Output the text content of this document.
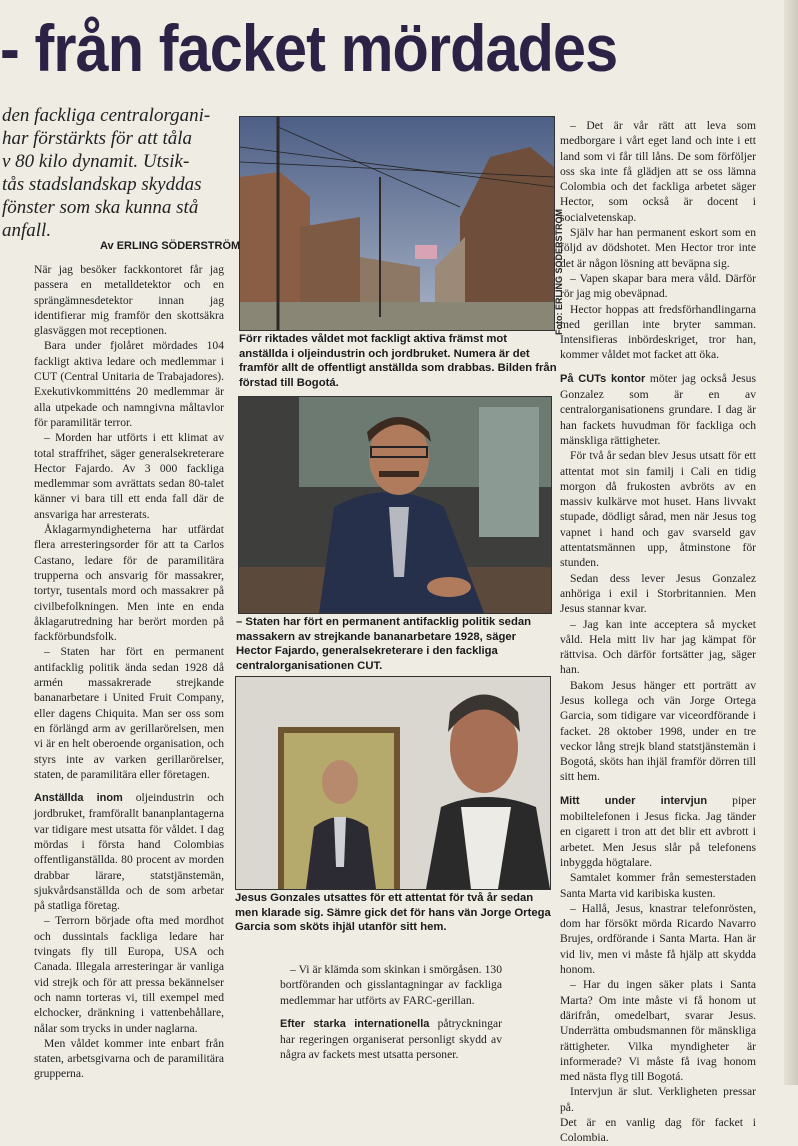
- från facket mördades

den fackliga centralorgani-

har förstärkts för att tåla

v 80 kilo dynamit. Utsik-

tås stadslandskap skyddas

fönster som ska kunna stå

anfall.

Av ERLING SÖDERSTRÖM

När jag besöker fackkontoret får jag passera en metalldetektor och en sprängämnesdetektor innan jag identifierar mig framför den skottsäkra glasväggen mot receptionen.

Bara under fjolåret mördades 104 fackligt aktiva ledare och medlemmar i CUT (Central Unitaria de Trabajadores). Exekutivkommitténs 20 medlemmar är alla utpekade och namngivna måltavlor för paramilitär terror.

– Morden har utförts i ett klimat av total straffrihet, säger generalsekreterare Hector Fajardo. Av 3 000 fackliga medlemmar som avrättats sedan 80-talet känner vi bara till ett enda fall där de ansvariga har arresterats.

Åklagarmyndigheterna har utfärdat flera arresteringsorder för att ta Carlos Castano, ledare för de paramilitära trupperna och ansvarig för massakrer, tortyr, tusentals mord och massakrer på civilbefolkningen. Men inte en enda åklagarutredning har berört morden på fackförbundsfolk.

– Staten har fört en permanent antifacklig politik ända sedan 1928 då armén massakrerade strejkande bananarbetare i United Fruit Company, eller dagens Chiquita. Man ser oss som en förlängd arm av gerillarörelsen, men vi är en helt oberoende organisation, och styrs inte av varken gerillarörelser, staten, de paramilitära eller företagen.

Anställda inom oljeindustrin och jordbruket, framförallt bananplantagerna var tidigare mest utsatta för våldet. I dag mördas i första hand Colombias offentliganställda. 80 procent av morden drabbar lärare, statstjänstemän, sjukvårdsanställda och de som arbetar på statliga företag.

– Terrorn började ofta med mordhot och dussintals fackliga ledare har tvingats fly till Europa, USA och Canada. Illegala arresteringar är vanliga vid strejk och för att pressa bekännelser och namn torteras vi, till exempel med elchocker, dränkning i vattenbehållare, nålar som trycks in under naglarna.

Men våldet kommer inte enbart från staten, arbetsgivarna och de paramilitära grupperna.

Foto: ERLING SÖDERSTRÖM
Förr riktades våldet mot fackligt aktiva främst mot anställda i oljeindustrin och jordbruket. Numera är det framför allt de offentligt anställda som drabbas. Bilden från förstad till Bogotá.
– Staten har fört en permanent antifacklig politik sedan massakern av strejkande bananarbetare 1928, säger Hector Fajardo, generalsekreterare i den fackliga centralorganisationen CUT.
Jesus Gonzales utsattes för ett attentat för två år sedan men klarade sig. Sämre gick det för hans vän Jorge Ortega Garcia som sköts ihjäl utanför sitt hem.

– Vi är klämda som skinkan i smörgåsen. 130 bortföranden och gisslantagningar av fackliga medlemmar har utförts av FARC-gerillan.

Efter starka internationella påtryckningar har regeringen organiserat personligt skydd av några av fackets mest utsatta personer.

– Det är vår rätt att leva som medborgare i vårt eget land och inte i ett land som vi får till låns. De som förföljer oss ska inte få glädjen att se oss lämna Colombia och det fackliga arbetet säger Hector, som också är docent i socialvetenskap.

Själv har han permanent eskort som en följd av dödshotet. Men Hector tror inte det är någon lösning att beväpna sig.

– Vapen skapar bara mera våld. Därför rör jag mig obeväpnad.

Hector hoppas att fredsförhandlingarna med gerillan inte bryter samman. Intensifieras inbördeskriget, tror han, kommer våldet mot facket att öka.

På CUTs kontor möter jag också Jesus Gonzalez som är en av centralorganisationens grundare. I dag är han fackets huvudman för fackliga och mänskliga rättigheter.

För två år sedan blev Jesus utsatt för ett attentat mot sin familj i Cali en tidig morgon då frukosten avbröts av en massiv kulkärve mot huset. Hans livvakt stupade, dödligt sårad, men när Jesus tog vapnet i hand och gav svarseld gav attentatsmännen upp, åtminstone för stunden.

Sedan dess lever Jesus Gonzalez anhöriga i exil i Storbritannien. Men Jesus stannar kvar.

– Jag kan inte acceptera så mycket våld. Hela mitt liv har jag kämpat för rättvisa. Och därför fortsätter jag, säger han.

Bakom Jesus hänger ett porträtt av Jesus kollega och vän Jorge Ortega Garcia, som tidigare var viceordförande i facket. 28 oktober 1998, under en tre veckor lång strejk bland statstjänstemän i Bogotá, sköts han ihjäl framför dörren till sitt hem.

Mitt under intervjun piper mobiltelefonen i Jesus ficka. Jag tänder en cigarett i tron att det blir ett avbrott i arbetet. Men Jesus slår på telefonens inbyggda högtalare.

Samtalet kommer från semesterstaden Santa Marta vid karibiska kusten.

– Hallå, Jesus, knastrar telefonrösten, dom har försökt mörda Ricardo Navarro Brujes, ordförande i Santa Marta. Han är vid liv, men vi måste få hjälp att skydda honom.

– Har du ingen säker plats i Santa Marta? Om inte måste vi få honom ut därifrån, omedelbart, svarar Jesus. Underrätta ombudsmannen för mänskliga rättigheter. Vilka myndigheter är informerade? Vi måste få ivag honom med nästa flyg till Bogotá.

Intervjun är slut. Verkligheten pressar på.

Det är en vanlig dag för facket i Colombia.
